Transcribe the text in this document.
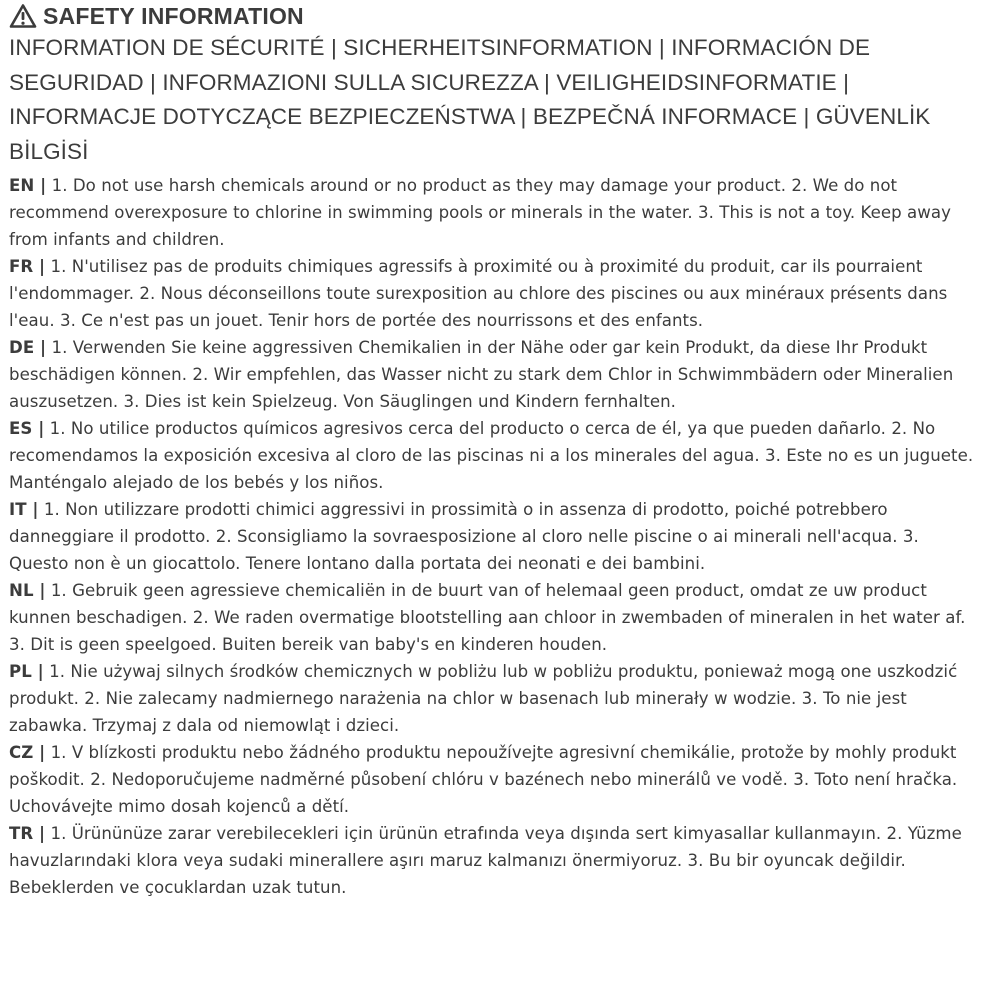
SAFETY INFORMATION

INFORMATION DE SÉCURITÉ | SICHERHEITSINFORMATION | INFORMACIÓN DE SEGURIDAD | INFORMAZIONI SULLA SICUREZZA | VEILIGHEIDSINFORMATIE | INFORMACJE DOTYCZĄCE BEZPIECZEŃSTWA | BEZPEČNÁ INFORMACE | GÜVENLİK BİLGİSİ

EN | 1. Do not use harsh chemicals around or no product as they may damage your product. 2. We do not recommend overexposure to chlorine in swimming pools or minerals in the water. 3. This is not a toy. Keep away from infants and children.

FR | 1. N'utilisez pas de produits chimiques agressifs à proximité ou à proximité du produit, car ils pourraient l'endommager. 2. Nous déconseillons toute surexposition au chlore des piscines ou aux minéraux présents dans l'eau. 3. Ce n'est pas un jouet. Tenir hors de portée des nourrissons et des enfants.

DE | 1. Verwenden Sie keine aggressiven Chemikalien in der Nähe oder gar kein Produkt, da diese Ihr Produkt beschädigen können. 2. Wir empfehlen, das Wasser nicht zu stark dem Chlor in Schwimmbädern oder Mineralien auszusetzen. 3. Dies ist kein Spielzeug. Von Säuglingen und Kindern fernhalten.

ES | 1. No utilice productos químicos agresivos cerca del producto o cerca de él, ya que pueden dañarlo. 2. No recomendamos la exposición excesiva al cloro de las piscinas ni a los minerales del agua. 3. Este no es un juguete. Manténgalo alejado de los bebés y los niños.

IT | 1. Non utilizzare prodotti chimici aggressivi in prossimità o in assenza di prodotto, poiché potrebbero danneggiare il prodotto. 2. Sconsigliamo la sovraesposizione al cloro nelle piscine o ai minerali nell'acqua. 3. Questo non è un giocattolo. Tenere lontano dalla portata dei neonati e dei bambini.

NL | 1. Gebruik geen agressieve chemicaliën in de buurt van of helemaal geen product, omdat ze uw product kunnen beschadigen. 2. We raden overmatige blootstelling aan chloor in zwembaden of mineralen in het water af. 3. Dit is geen speelgoed. Buiten bereik van baby's en kinderen houden.

PL | 1. Nie używaj silnych środków chemicznych w pobliżu lub w pobliżu produktu, ponieważ mogą one uszkodzić produkt. 2. Nie zalecamy nadmiernego narażenia na chlor w basenach lub minerały w wodzie. 3. To nie jest zabawka. Trzymaj z dala od niemowląt i dzieci.

CZ | 1. V blízkosti produktu nebo žádného produktu nepoužívejte agresivní chemikálie, protože by mohly produkt poškodit. 2. Nedoporučujeme nadměrné působení chlóru v bazénech nebo minerálů ve vodě. 3. Toto není hračka. Uchovávejte mimo dosah kojenců a dětí.

TR | 1. Ürününüze zarar verebilecekleri için ürünün etrafında veya dışında sert kimyasallar kullanmayın. 2. Yüzme havuzlarındaki klora veya sudaki minerallere aşırı maruz kalmanızı önermiyoruz. 3. Bu bir oyuncak değildir. Bebeklerden ve çocuklardan uzak tutun.
